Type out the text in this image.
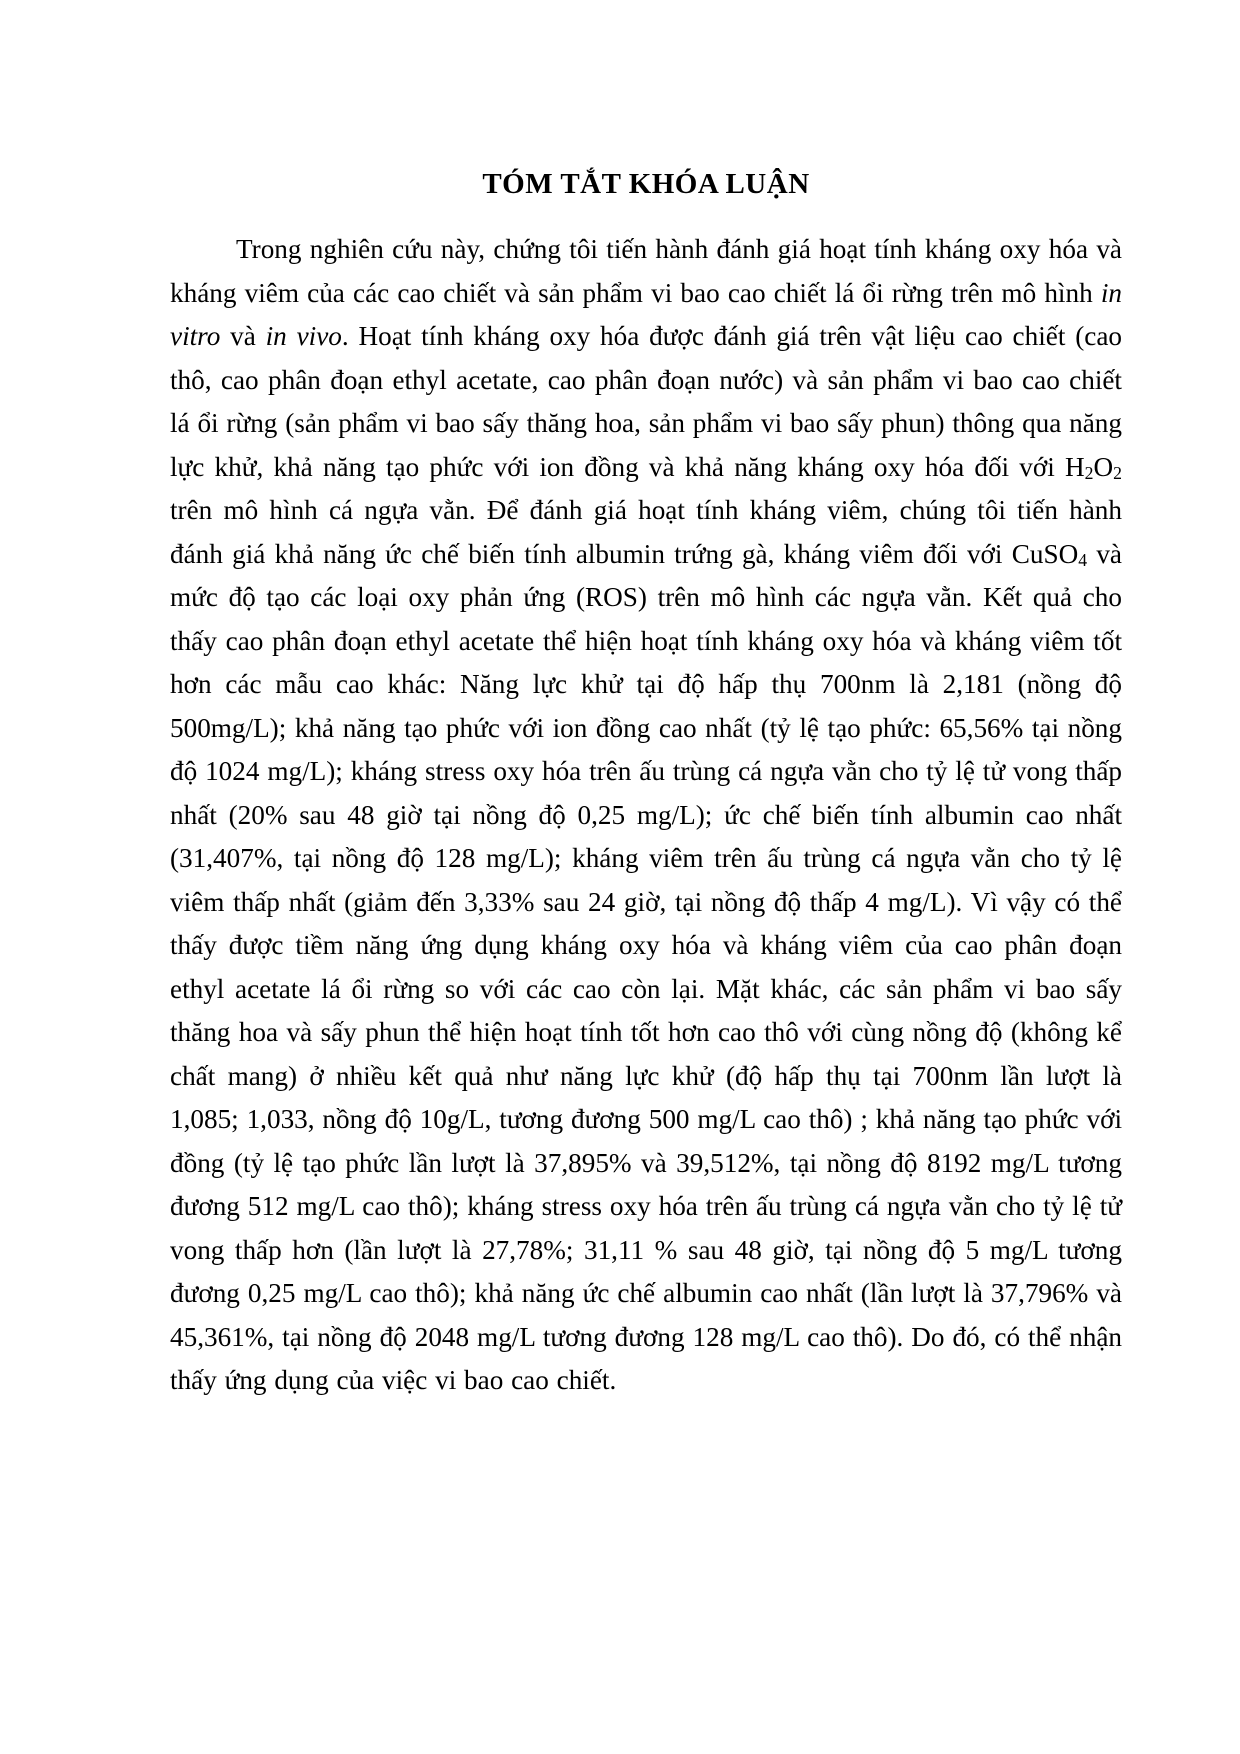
TÓM TẮT KHÓA LUẬN

Trong nghiên cứu này, chứng tôi tiến hành đánh giá hoạt tính kháng oxy hóa và kháng viêm của các cao chiết và sản phẩm vi bao cao chiết lá ổi rừng trên mô hình in vitro và in vivo. Hoạt tính kháng oxy hóa được đánh giá trên vật liệu cao chiết (cao thô, cao phân đoạn ethyl acetate, cao phân đoạn nước) và sản phẩm vi bao cao chiết lá ổi rừng (sản phẩm vi bao sấy thăng hoa, sản phẩm vi bao sấy phun) thông qua năng lực khử, khả năng tạo phức với ion đồng và khả năng kháng oxy hóa đối với H2O2 trên mô hình cá ngựa vằn. Để đánh giá hoạt tính kháng viêm, chúng tôi tiến hành đánh giá khả năng ức chế biến tính albumin trứng gà, kháng viêm đối với CuSO4 và mức độ tạo các loại oxy phản ứng (ROS) trên mô hình các ngựa vằn. Kết quả cho thấy cao phân đoạn ethyl acetate thể hiện hoạt tính kháng oxy hóa và kháng viêm tốt hơn các mẫu cao khác: Năng lực khử tại độ hấp thụ 700nm là 2,181 (nồng độ 500mg/L); khả năng tạo phức với ion đồng cao nhất (tỷ lệ tạo phức: 65,56% tại nồng độ 1024 mg/L); kháng stress oxy hóa trên ấu trùng cá ngựa vằn cho tỷ lệ tử vong thấp nhất (20% sau 48 giờ tại nồng độ 0,25 mg/L); ức chế biến tính albumin cao nhất (31,407%, tại nồng độ 128 mg/L); kháng viêm trên ấu trùng cá ngựa vằn cho tỷ lệ viêm thấp nhất (giảm đến 3,33% sau 24 giờ, tại nồng độ thấp 4 mg/L). Vì vậy có thể thấy được tiềm năng ứng dụng kháng oxy hóa và kháng viêm của cao phân đoạn ethyl acetate lá ổi rừng so với các cao còn lại. Mặt khác, các sản phẩm vi bao sấy thăng hoa và sấy phun thể hiện hoạt tính tốt hơn cao thô với cùng nồng độ (không kể chất mang) ở nhiều kết quả như năng lực khử (độ hấp thụ tại 700nm lần lượt là 1,085; 1,033, nồng độ 10g/L, tương đương 500 mg/L cao thô) ; khả năng tạo phức với đồng (tỷ lệ tạo phức lần lượt là 37,895% và 39,512%, tại nồng độ 8192 mg/L tương đương 512 mg/L cao thô); kháng stress oxy hóa trên ấu trùng cá ngựa vằn cho tỷ lệ tử vong thấp hơn (lần lượt là 27,78%; 31,11 % sau 48 giờ, tại nồng độ 5 mg/L tương đương 0,25 mg/L cao thô); khả năng ức chế albumin cao nhất (lần lượt là 37,796% và 45,361%, tại nồng độ 2048 mg/L tương đương 128 mg/L cao thô). Do đó, có thể nhận thấy ứng dụng của việc vi bao cao chiết.
